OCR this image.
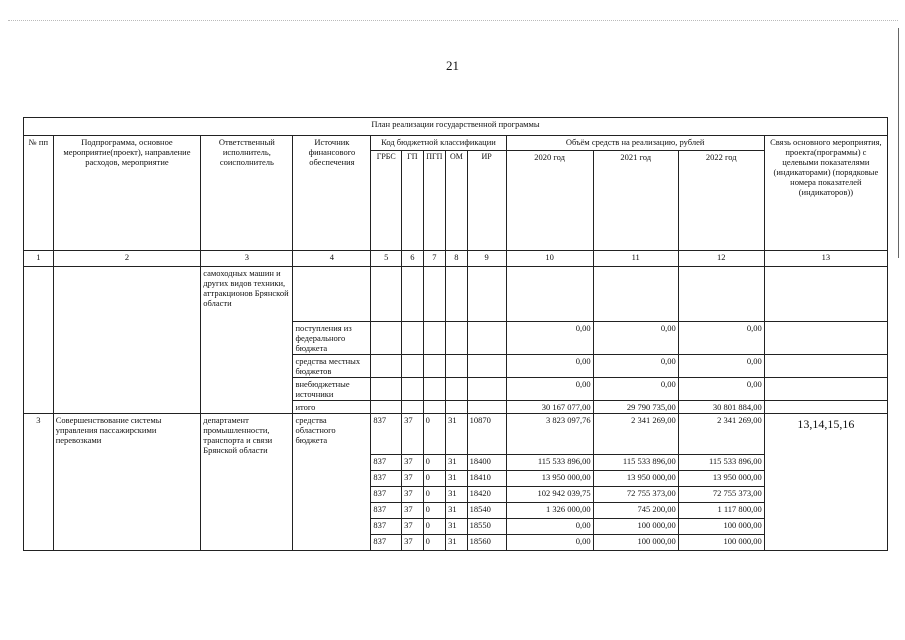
21
План реализации государственной программы												
№ пп	Подпрограмма, основное мероприятие(проект), направление расходов, мероприятие	Ответственный исполнитель, соисполнитель	Источник финансового обеспечения	Код бюджетной классификации					Объём средств на реализацию, рублей			Связь основного мероприятия, проекта(программы) с целевыми показателями (индикаторами) (порядковые номера показателей (индикаторов))
				ГРБС	ГП	ПГП	ОМ	ИР	2020 год	2021 год	2022 год	
1	2	3	4	5	6	7	8	9	10	11	12	13
		самоходных машин и других видов техники, аттракционов Брянской области										
			поступления из федерального бюджета						0,00	0,00	0,00	
			средства местных бюджетов						0,00	0,00	0,00	
			внебюджетные источники						0,00	0,00	0,00	
			итого						30 167 077,00	29 790 735,00	30 801 884,00	
3	Совершенствование системы управления пассажирскими перевозками	департамент промышленности, транспорта и связи Брянской области	средства областного бюджета	837	37	0	31	10870	3 823 097,76	2 341 269,00	2 341 269,00	13,14,15,16
				837	37	0	31	18400	115 533 896,00	115 533 896,00	115 533 896,00	
				837	37	0	31	18410	13 950 000,00	13 950 000,00	13 950 000,00	
				837	37	0	31	18420	102 942 039,75	72 755 373,00	72 755 373,00	
				837	37	0	31	18540	1 326 000,00	745 200,00	1 117 800,00	
				837	37	0	31	18550	0,00	100 000,00	100 000,00	
				837	37	0	31	18560	0,00	100 000,00	100 000,00	
